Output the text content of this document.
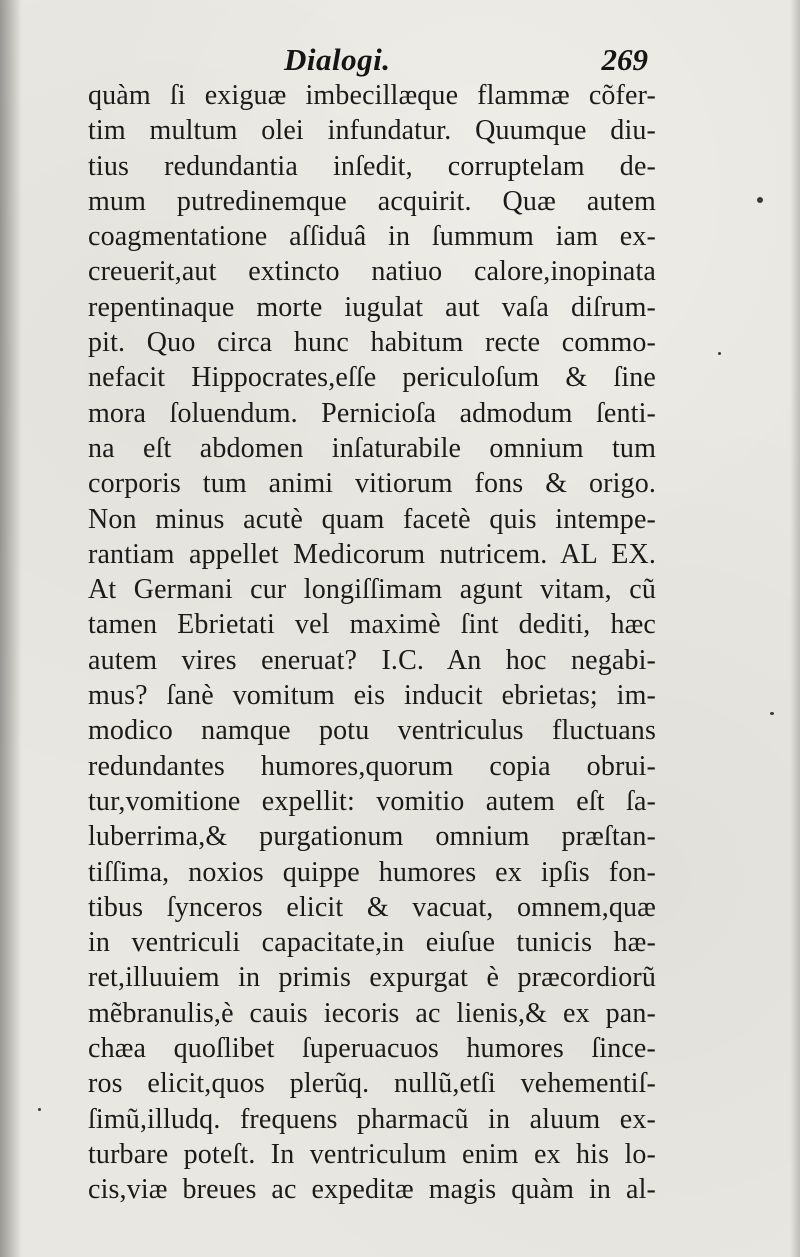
Dialogi.	269
quàm ſi exiguæ imbecillæque flammæ cõfer-
tim multum olei infundatur. Quumque diu-
tius redundantia inſedit, corruptelam de-
mum putredinemque acquirit. Quæ autem
coagmentatione aſſiduâ in ſummum iam ex-
creuerit,aut extincto natiuo calore,inopinata
repentinaque morte iugulat aut vaſa diſrum-
pit. Quo circa hunc habitum recte commo-
nefacit Hippocrates,eſſe periculoſum & ſine
mora ſoluendum. Pernicioſa admodum ſenti-
na eſt abdomen inſaturabile omnium tum
corporis tum animi vitiorum fons & origo.
Non minus acutè quam facetè quis intempe-
rantiam appellet Medicorum nutricem. AL EX.
At Germani cur longiſſimam agunt vitam, cũ
tamen Ebrietati vel maximè ſint dediti, hæc
autem vires eneruat? I.C. An hoc negabi-
mus? ſanè vomitum eis inducit ebrietas; im-
modico namque potu ventriculus fluctuans
redundantes humores,quorum copia obrui-
tur,vomitione expellit: vomitio autem eſt ſa-
luberrima,& purgationum omnium præſtan-
tiſſima, noxios quippe humores ex ipſis fon-
tibus ſynceros elicit & vacuat, omnem,quæ
in ventriculi capacitate,in eiuſue tunicis hæ-
ret,illuuiem in primis expurgat è præcordiorũ
mẽbranulis,è cauis iecoris ac lienis,& ex pan-
chæa quoſlibet ſuperuacuos humores ſince-
ros elicit,quos plerũq. nullũ,etſi vehementiſ-
ſimũ,illudq. frequens pharmacũ in aluum ex-
turbare poteſt. In ventriculum enim ex his lo-
cis,viæ breues ac expeditæ magis quàm in al-
